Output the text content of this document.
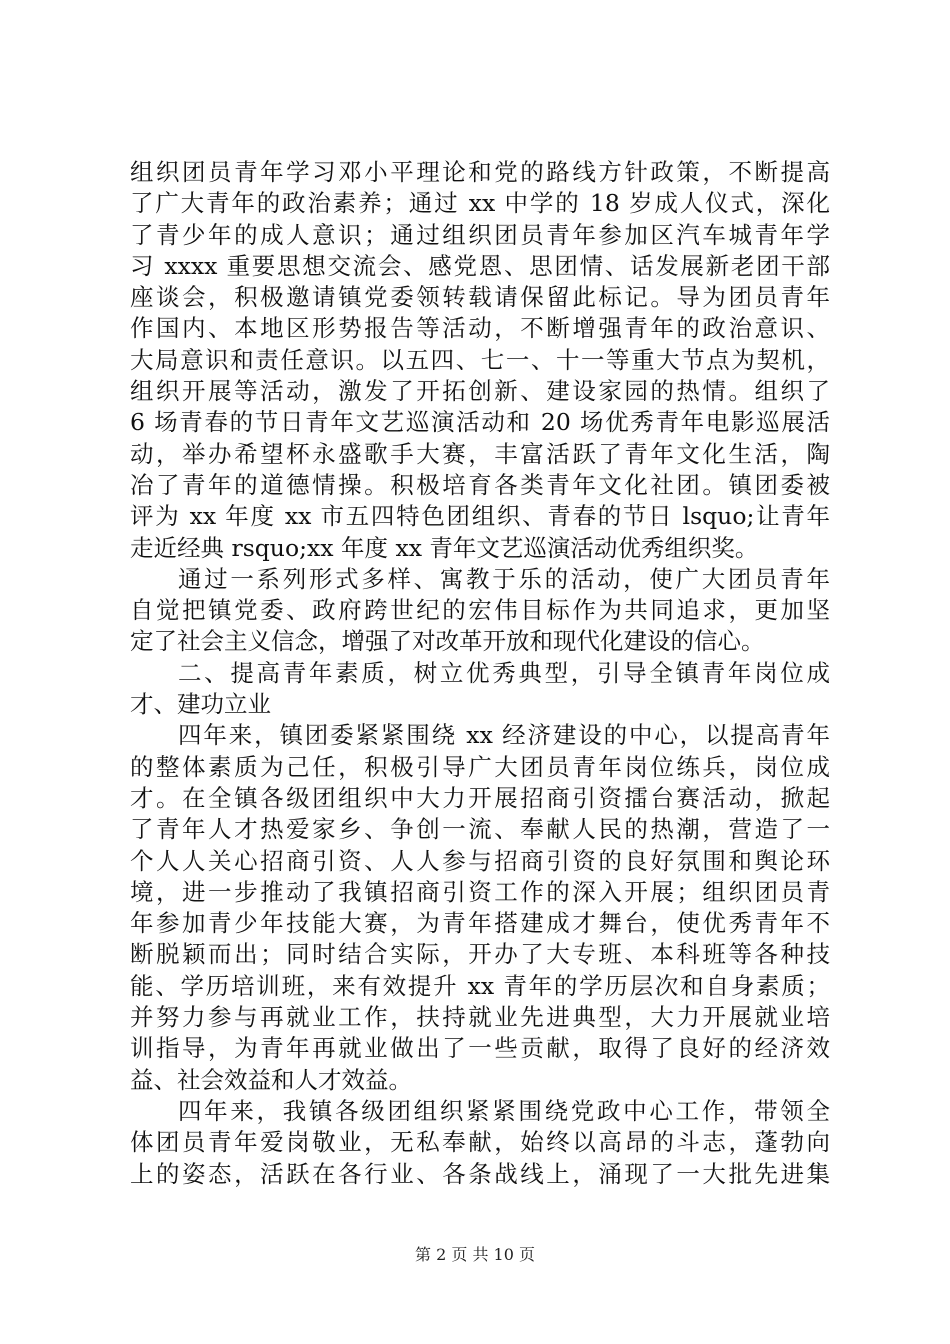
组织团员青年学习邓小平理论和党的路线方针政策，不断提高
了广大青年的政治素养；通过 xx 中学的 18 岁成人仪式，深化
了青少年的成人意识；通过组织团员青年参加区汽车城青年学
习 xxxx 重要思想交流会、感党恩、思团情、话发展新老团干部
座谈会，积极邀请镇党委领转载请保留此标记。导为团员青年
作国内、本地区形势报告等活动，不断增强青年的政治意识、
大局意识和责任意识。以五四、七一、十一等重大节点为契机，
组织开展等活动，激发了开拓创新、建设家园的热情。组织了
6 场青春的节日青年文艺巡演活动和 20 场优秀青年电影巡展活
动，举办希望杯永盛歌手大赛，丰富活跃了青年文化生活，陶
冶了青年的道德情操。积极培育各类青年文化社团。镇团委被
评为 xx 年度 xx 市五四特色团组织、青春的节日 lsquo;让青年
走近经典 rsquo;xx 年度 xx 青年文艺巡演活动优秀组织奖。
通过一系列形式多样、寓教于乐的活动，使广大团员青年
自觉把镇党委、政府跨世纪的宏伟目标作为共同追求，更加坚
定了社会主义信念，增强了对改革开放和现代化建设的信心。
二、提高青年素质，树立优秀典型，引导全镇青年岗位成
才、建功立业
四年来，镇团委紧紧围绕 xx 经济建设的中心，以提高青年
的整体素质为己任，积极引导广大团员青年岗位练兵，岗位成
才。在全镇各级团组织中大力开展招商引资擂台赛活动，掀起
了青年人才热爱家乡、争创一流、奉献人民的热潮，营造了一
个人人关心招商引资、人人参与招商引资的良好氛围和舆论环
境，进一步推动了我镇招商引资工作的深入开展；组织团员青
年参加青少年技能大赛，为青年搭建成才舞台，使优秀青年不
断脱颖而出；同时结合实际，开办了大专班、本科班等各种技
能、学历培训班，来有效提升 xx 青年的学历层次和自身素质；
并努力参与再就业工作，扶持就业先进典型，大力开展就业培
训指导，为青年再就业做出了一些贡献，取得了良好的经济效
益、社会效益和人才效益。
四年来，我镇各级团组织紧紧围绕党政中心工作，带领全
体团员青年爱岗敬业，无私奉献，始终以高昂的斗志，蓬勃向
上的姿态，活跃在各行业、各条战线上，涌现了一大批先进集
第 2 页 共 10 页
